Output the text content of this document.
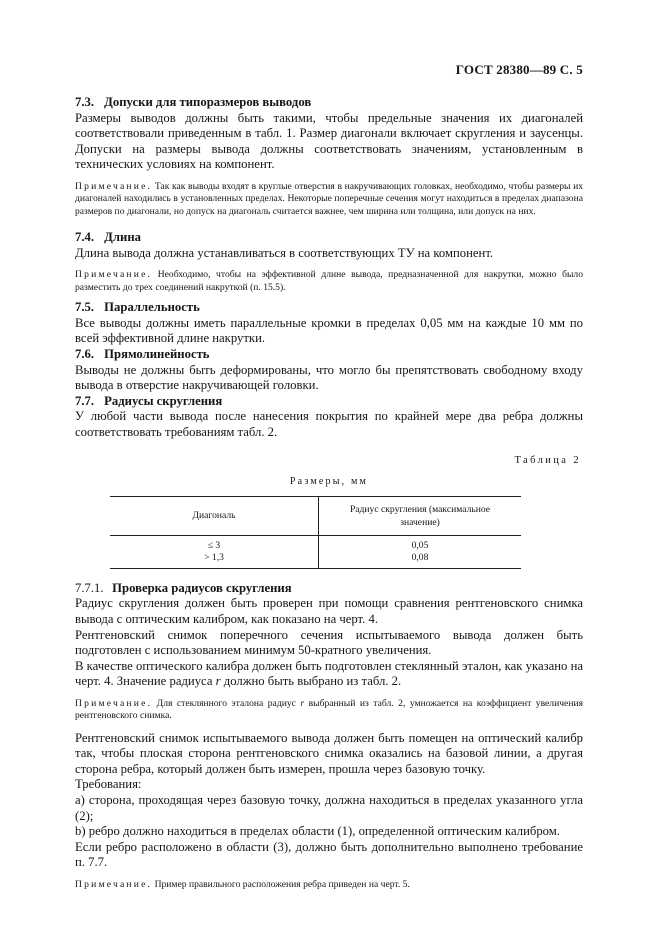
ГОСТ 28380—89 С. 5
7.3. Допуски для типоразмеров выводов

Размеры выводов должны быть такими, чтобы предельные значения их диагоналей соответствовали приведенным в табл. 1. Размер диагонали включает скругления и заусенцы. Допуски на размеры вывода должны соответствовать значениям, установленным в технических условиях на компонент.

Примечание. Так как выводы входят в круглые отверстия в накручивающих головках, необходимо, чтобы размеры их диагоналей находились в установленных пределах. Некоторые поперечные сечения могут находиться в пределах диапазона размеров по диагонали, но допуск на диагональ считается важнее, чем ширина или толщина, или допуск на них.

7.4. Длина

Длина вывода должна устанавливаться в соответствующих ТУ на компонент.

Примечание. Необходимо, чтобы на эффективной длине вывода, предназначенной для накрутки, можно было разместить до трех соединений накруткой (п. 15.5).

7.5. Параллельность

Все выводы должны иметь параллельные кромки в пределах 0,05 мм на каждые 10 мм по всей эффективной длине накрутки.

7.6. Прямолинейность

Выводы не должны быть деформированы, что могло бы препятствовать свободному входу вывода в отверстие накручивающей головки.

7.7. Радиусы скругления

У любой части вывода после нанесения покрытия по крайней мере два ребра должны соответствовать требованиям табл. 2.

Таблица 2
Размеры, мм
Диагональ	Радиус скругления (максимальное
значение)
≤ 3	0,05
> 1,3	0,08
7.7.1. Проверка радиусов скругления

Радиус скругления должен быть проверен при помощи сравнения рентгеновского снимка вывода с оптическим калибром, как показано на черт. 4.

Рентгеновский снимок поперечного сечения испытываемого вывода должен быть подготовлен с использованием минимум 50-кратного увеличения.

В качестве оптического калибра должен быть подготовлен стеклянный эталон, как указано на черт. 4. Значение радиуса r должно быть выбрано из табл. 2.

Примечание. Для стеклянного эталона радиус r выбранный из табл. 2, умножается на коэффициент увеличения рентгеновского снимка.

Рентгеновский снимок испытываемого вывода должен быть помещен на оптический калибр так, чтобы плоская сторона рентгеновского снимка оказались на базовой линии, а другая сторона ребра, который должен быть измерен, прошла через базовую точку.

Требования:

а) сторона, проходящая через базовую точку, должна находиться в пределах указанного угла (2);

b) ребро должно находиться в пределах области (1), определенной оптическим калибром.

Если ребро расположено в области (3), должно быть дополнительно выполнено требование п. 7.7.

Примечание. Пример правильного расположения ребра приведен на черт. 5.
